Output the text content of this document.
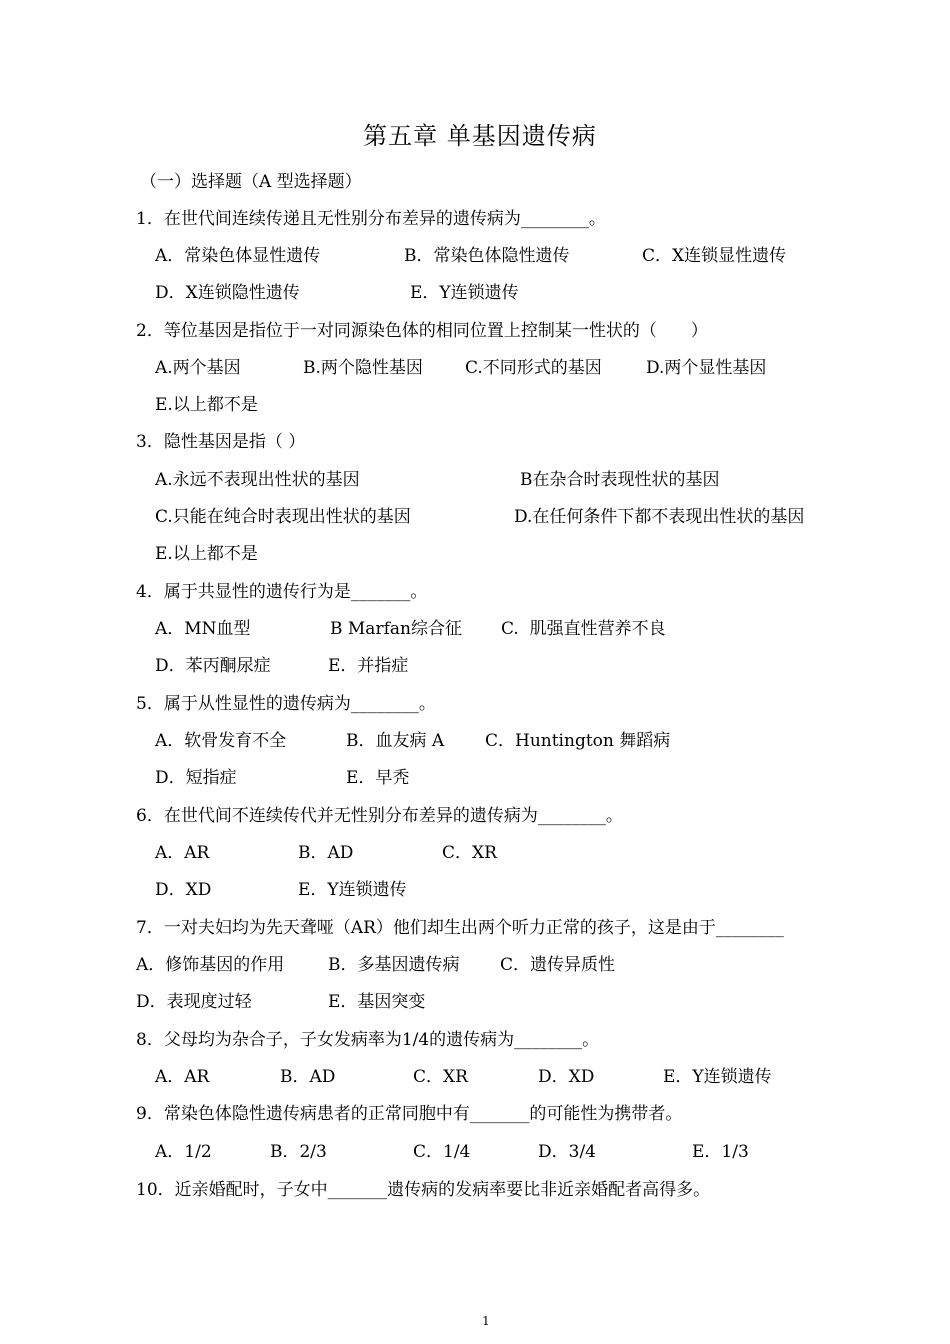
第五章 单基因遗传病
（一）选择题（A 型选择题）
1．在世代间连续传递且无性别分布差异的遗传病为________。
A．常染色体显性遗传	B．常染色体隐性遗传	C．X连锁显性遗传
D．X连锁隐性遗传	E．Y连锁遗传
2．等位基因是指位于一对同源染色体的相同位置上控制某一性状的（　　）
A.两个基因	B.两个隐性基因 C.不同形式的基因	D.两个显性基因
E.以上都不是
3．隐性基因是指（ ）
A.永远不表现出性状的基因	B在杂合时表现性状的基因
C.只能在纯合时表现出性状的基因	D.在任何条件下都不表现出性状的基因
E.以上都不是
4．属于共显性的遗传行为是_______。
A．MN血型	B Marfan综合征 C.  肌强直性营养不良
D．苯丙酮尿症	E．并指症
5．属于从性显性的遗传病为________。
A．软骨发育不全	B．血友病 A C．Huntington 舞蹈病
D．短指症	E．早秃
6．在世代间不连续传代并无性别分布差异的遗传病为________。
A．AR	B．AD	C．XR
D．XD	E．Y连锁遗传
7．一对夫妇均为先天聋哑（AR）他们却生出两个听力正常的孩子，这是由于________
A．修饰基因的作用	B．多基因遗传病 C．遗传异质性
D．表现度过轻	E．基因突变
8．父母均为杂合子，子女发病率为1/4的遗传病为________。
A．AR	B．AD	C．XR	D．XD	E．Y连锁遗传
9．常染色体隐性遗传病患者的正常同胞中有_______的可能性为携带者。
A．1/2	B．2/3	C．1/4	D．3/4	E．1/3
10．近亲婚配时，子女中_______遗传病的发病率要比非近亲婚配者高得多。
1
